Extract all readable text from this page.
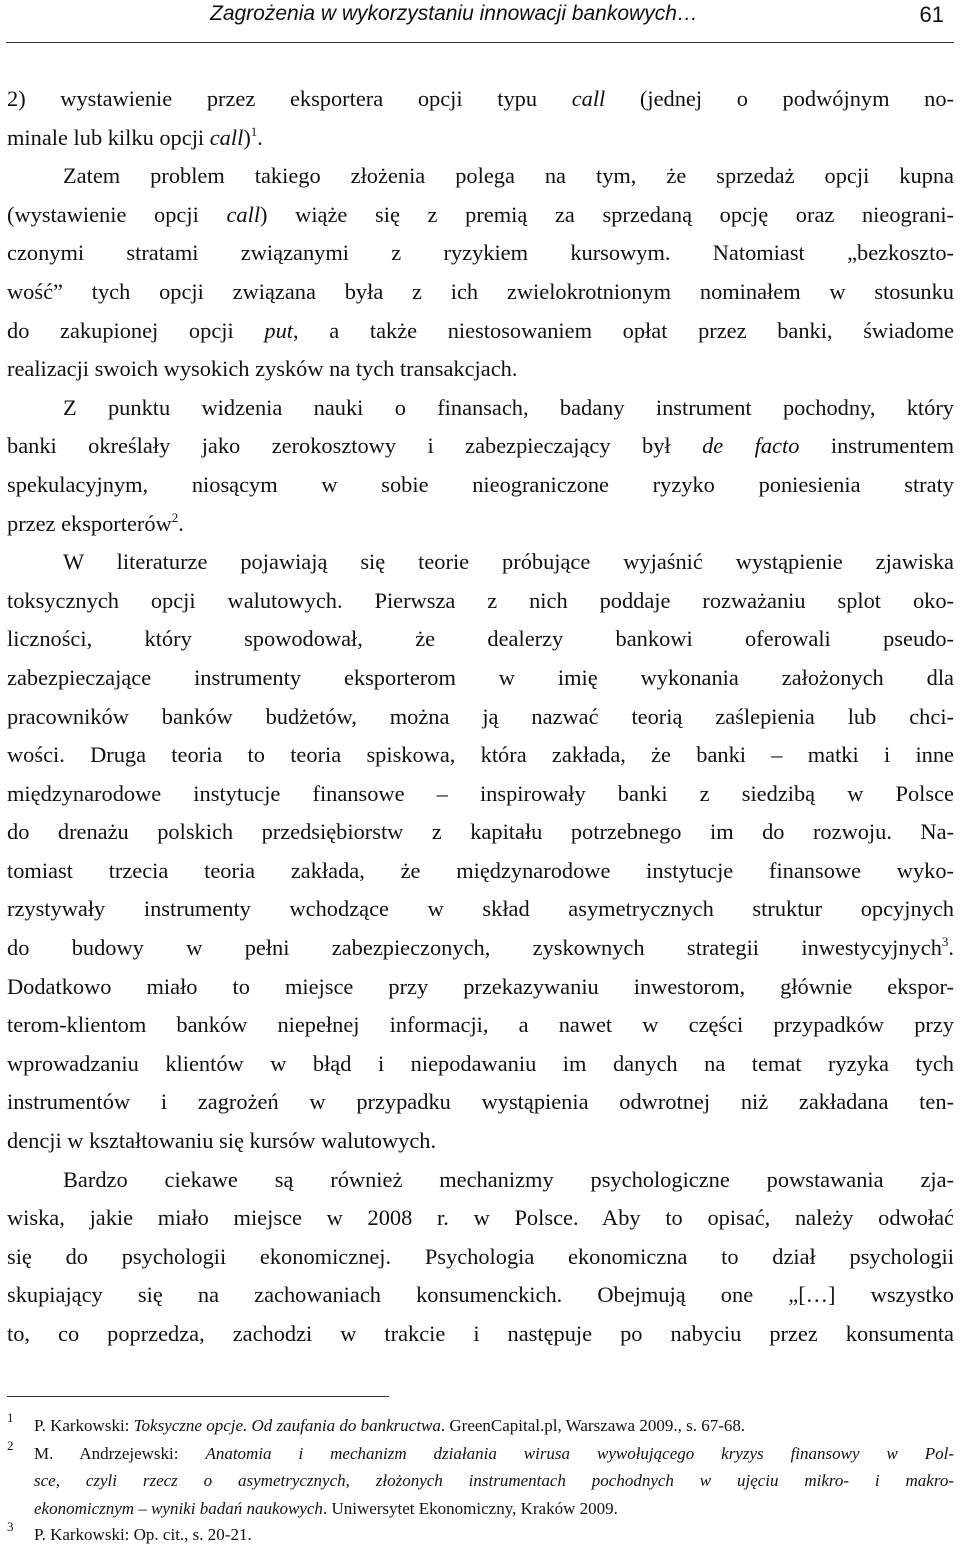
Zagrożenia w wykorzystaniu innowacji bankowych…	61
2) wystawienie przez eksportera opcji typu call (jednej o podwójnym no-
minale lub kilku opcji call)$^1$.
Zatem problem takiego złożenia polega na tym, że sprzedaż opcji kupna
(wystawienie opcji call) wiąże się z premią za sprzedaną opcję oraz nieograni-
czonymi stratami związanymi z ryzykiem kursowym. Natomiast „bezkoszto-
wość” tych opcji związana była z ich zwielokrotnionym nominałem w stosunku
do zakupionej opcji put, a także niestosowaniem opłat przez banki, świadome
realizacji swoich wysokich zysków na tych transakcjach.
Z punktu widzenia nauki o finansach, badany instrument pochodny, który
banki określały jako zerokosztowy i zabezpieczający był de facto instrumentem
spekulacyjnym, niosącym w sobie nieograniczone ryzyko poniesienia straty
przez eksporterów$^2$.
W literaturze pojawiają się teorie próbujące wyjaśnić wystąpienie zjawiska
toksycznych opcji walutowych. Pierwsza z nich poddaje rozważaniu splot oko-
liczności, który spowodował, że dealerzy bankowi oferowali pseudo-
zabezpieczające instrumenty eksporterom w imię wykonania założonych dla
pracowników banków budżetów, można ją nazwać teorią zaślepienia lub chci-
wości. Druga teoria to teoria spiskowa, która zakłada, że banki – matki i inne
międzynarodowe instytucje finansowe – inspirowały banki z siedzibą w Polsce
do drenażu polskich przedsiębiorstw z kapitału potrzebnego im do rozwoju. Na-
tomiast trzecia teoria zakłada, że międzynarodowe instytucje finansowe wyko-
rzystywały instrumenty wchodzące w skład asymetrycznych struktur opcyjnych
do budowy w pełni zabezpieczonych, zyskownych strategii inwestycyjnych$^3$.
Dodatkowo miało to miejsce przy przekazywaniu inwestorom, głównie ekspor-
terom-klientom banków niepełnej informacji, a nawet w części przypadków przy
wprowadzaniu klientów w błąd i niepodawaniu im danych na temat ryzyka tych
instrumentów i zagrożeń w przypadku wystąpienia odwrotnej niż zakładana ten-
dencji w kształtowaniu się kursów walutowych.
Bardzo ciekawe są również mechanizmy psychologiczne powstawania zja-
wiska, jakie miało miejsce w 2008 r. w Polsce. Aby to opisać, należy odwołać
się do psychologii ekonomicznej. Psychologia ekonomiczna to dział psychologii
skupiający się na zachowaniach konsumenckich. Obejmują one „[…] wszystko
to, co poprzedza, zachodzi w trakcie i następuje po nabyciu przez konsumenta
1 P. Karkowski: Toksyczne opcje. Od zaufania do bankructwa. GreenCapital.pl, Warszawa 2009., s. 67-68.
2 M. Andrzejewski: Anatomia i mechanizm działania wirusa wywołującego kryzys finansowy w Pol-
sce, czyli rzecz o asymetrycznych, złożonych instrumentach pochodnych w ujęciu mikro- i makro-
ekonomicznym – wyniki badań naukowych. Uniwersytet Ekonomiczny, Kraków 2009.
3 P. Karkowski: Op. cit., s. 20-21.
